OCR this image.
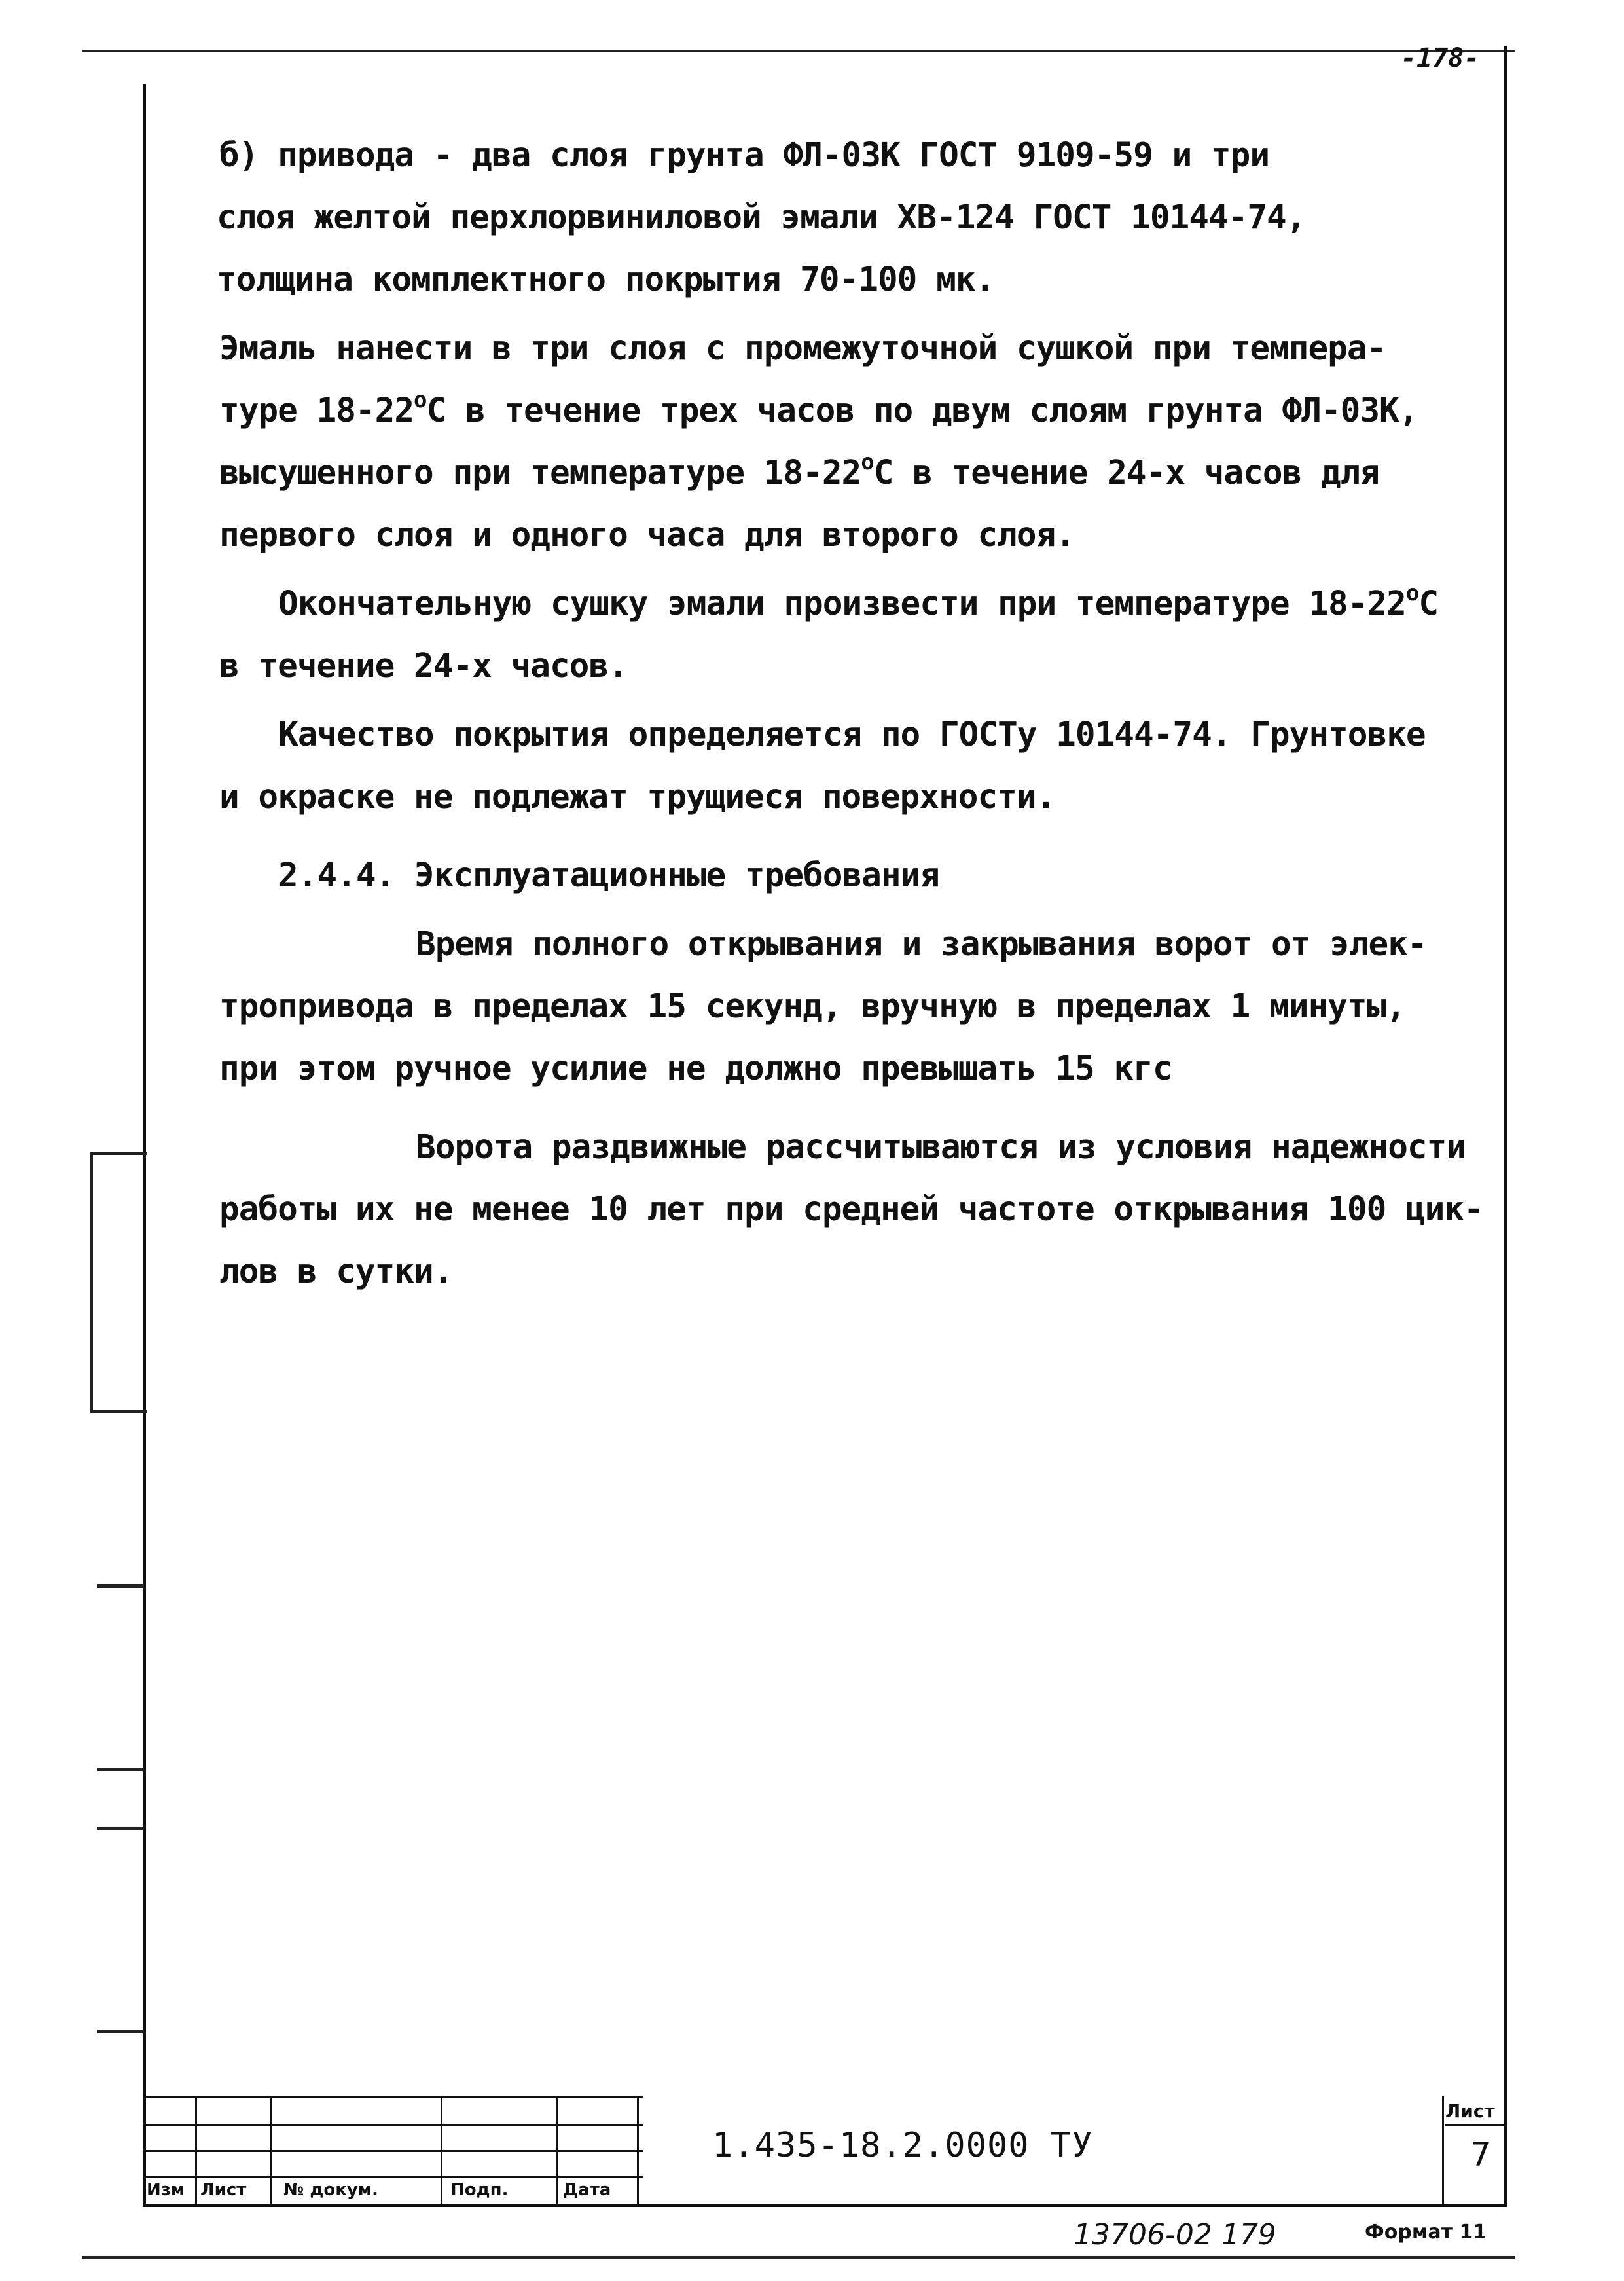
-178-

б) привода - два слоя грунта ФЛ-03К ГОСТ 9109-59 и три

слоя желтой перхлорвиниловой эмали ХВ-124 ГОСТ 10144-74,

толщина комплектного покрытия 70-100 мк.

Эмаль нанести в три слоя с промежуточной сушкой при темпера-

туре $18-22^оС$ в течение трех часов по двум слоям грунта ФЛ-03К,

высушенного при температуре $18-22^оС$ в течение 24-х часов для

первого слоя и одного часа для второго слоя.

Окончательную сушку эмали произвести при температуре $18-22^оС$

в течение 24-х часов.

Качество покрытия определяется по ГОСТу 10144-74. Грунтовке

и окраске не подлежат трущиеся поверхности.

2.4.4. Эксплуатационные требования

Время полного открывания и закрывания ворот от элек-

тропривода в пределах 15 секунд, вручную в пределах 1 минуты,

при этом ручное усилие не должно превышать 15 кгс

Ворота раздвижные рассчитываются из условия надежности

работы их не менее 10 лет при средней частоте открывания 100 цик-

лов в сутки.

Изм Лист № докум.	Подп.	Дата
1.435-18.2.0000 ТУ
Лист
7
13706-02 179	Формат 11
